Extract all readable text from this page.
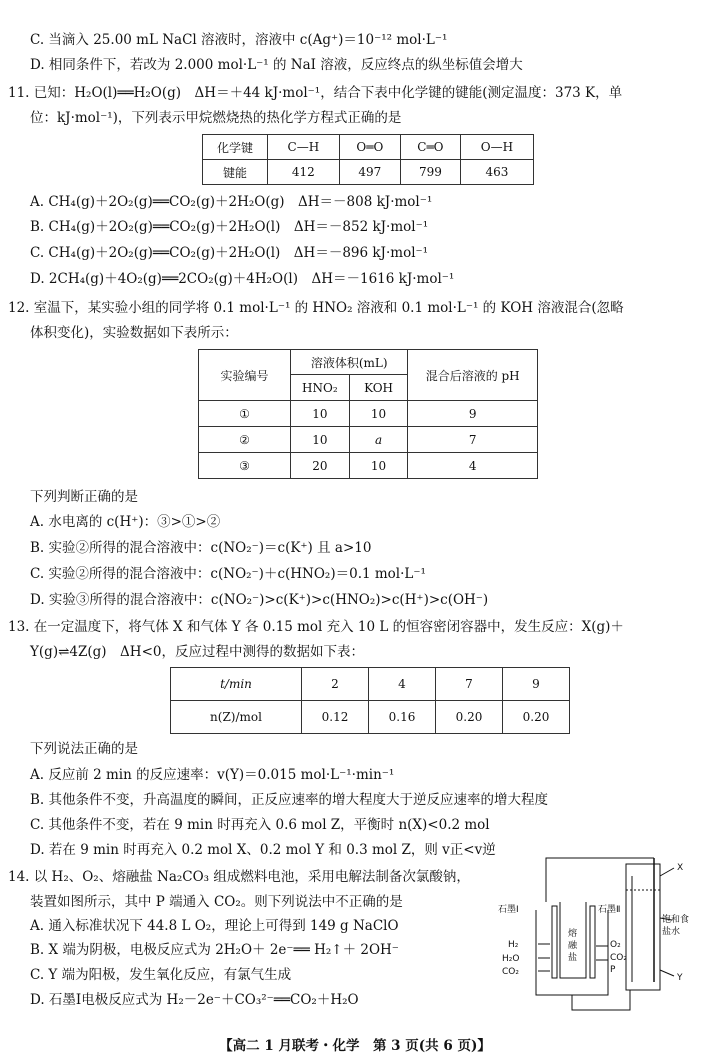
C. 当滴入 25.00 mL NaCl 溶液时，溶液中 c(Ag⁺)＝10⁻¹² mol·L⁻¹
D. 相同条件下，若改为 2.000 mol·L⁻¹ 的 NaI 溶液，反应终点的纵坐标值会增大
11. 已知：H₂O(l)══H₂O(g)　ΔH＝＋44 kJ·mol⁻¹，结合下表中化学键的键能(测定温度：373 K，单
位：kJ·mol⁻¹)，下列表示甲烷燃烧热的热化学方程式正确的是
化学键	C—H	O═O	C═O	O—H
键能	412	497	799	463
A. CH₄(g)＋2O₂(g)══CO₂(g)＋2H₂O(g)　ΔH＝－808 kJ·mol⁻¹
B. CH₄(g)＋2O₂(g)══CO₂(g)＋2H₂O(l)　ΔH＝－852 kJ·mol⁻¹
C. CH₄(g)＋2O₂(g)══CO₂(g)＋2H₂O(l)　ΔH＝－896 kJ·mol⁻¹
D. 2CH₄(g)＋4O₂(g)══2CO₂(g)＋4H₂O(l)　ΔH＝－1616 kJ·mol⁻¹
12. 室温下，某实验小组的同学将 0.1 mol·L⁻¹ 的 HNO₂ 溶液和 0.1 mol·L⁻¹ 的 KOH 溶液混合(忽略
体积变化)，实验数据如下表所示：
实验编号	溶液体积(mL)		混合后溶液的 pH
	HNO₂	KOH	
①	10	10	9
②	10	a	7
③	20	10	4
下列判断正确的是
A. 水电离的 c(H⁺)：③>①>②
B. 实验②所得的混合溶液中：c(NO₂⁻)＝c(K⁺) 且 a>10
C. 实验②所得的混合溶液中：c(NO₂⁻)＋c(HNO₂)＝0.1 mol·L⁻¹
D. 实验③所得的混合溶液中：c(NO₂⁻)>c(K⁺)>c(HNO₂)>c(H⁺)>c(OH⁻)
13. 在一定温度下，将气体 X 和气体 Y 各 0.15 mol 充入 10 L 的恒容密闭容器中，发生反应：X(g)＋
Y(g)⇌4Z(g)　ΔH<0，反应过程中测得的数据如下表：
t/min	2	4	7	9
n(Z)/mol	0.12	0.16	0.20	0.20
下列说法正确的是
A. 反应前 2 min 的反应速率：v(Y)＝0.015 mol·L⁻¹·min⁻¹
B. 其他条件不变，升高温度的瞬间，正反应速率的增大程度大于逆反应速率的增大程度
C. 其他条件不变，若在 9 min 时再充入 0.6 mol Z，平衡时 n(X)<0.2 mol
D. 若在 9 min 时再充入 0.2 mol X、0.2 mol Y 和 0.3 mol Z，则 v正<v逆
14. 以 H₂、O₂、熔融盐 Na₂CO₃ 组成燃料电池，采用电解法制备次氯酸钠，
装置如图所示，其中 P 端通入 CO₂。则下列说法中不正确的是
A. 通入标准状况下 44.8 L O₂，理论上可得到 149 g NaClO
B. X 端为阴极，电极反应式为 2H₂O＋ 2e⁻══ H₂↑＋ 2OH⁻
C. Y 端为阳极，发生氧化反应，有氯气生成
D. 石墨Ⅰ电极反应式为 H₂－2e⁻＋CO₃²⁻══CO₂＋H₂O
石墨Ⅰ	石墨Ⅱ
H₂
H₂O
CO₂
O₂
CO₂
P
熔
融
盐
X
Y
饱和食
盐水
【高二 1 月联考・化学　第 3 页(共 6 页)】
